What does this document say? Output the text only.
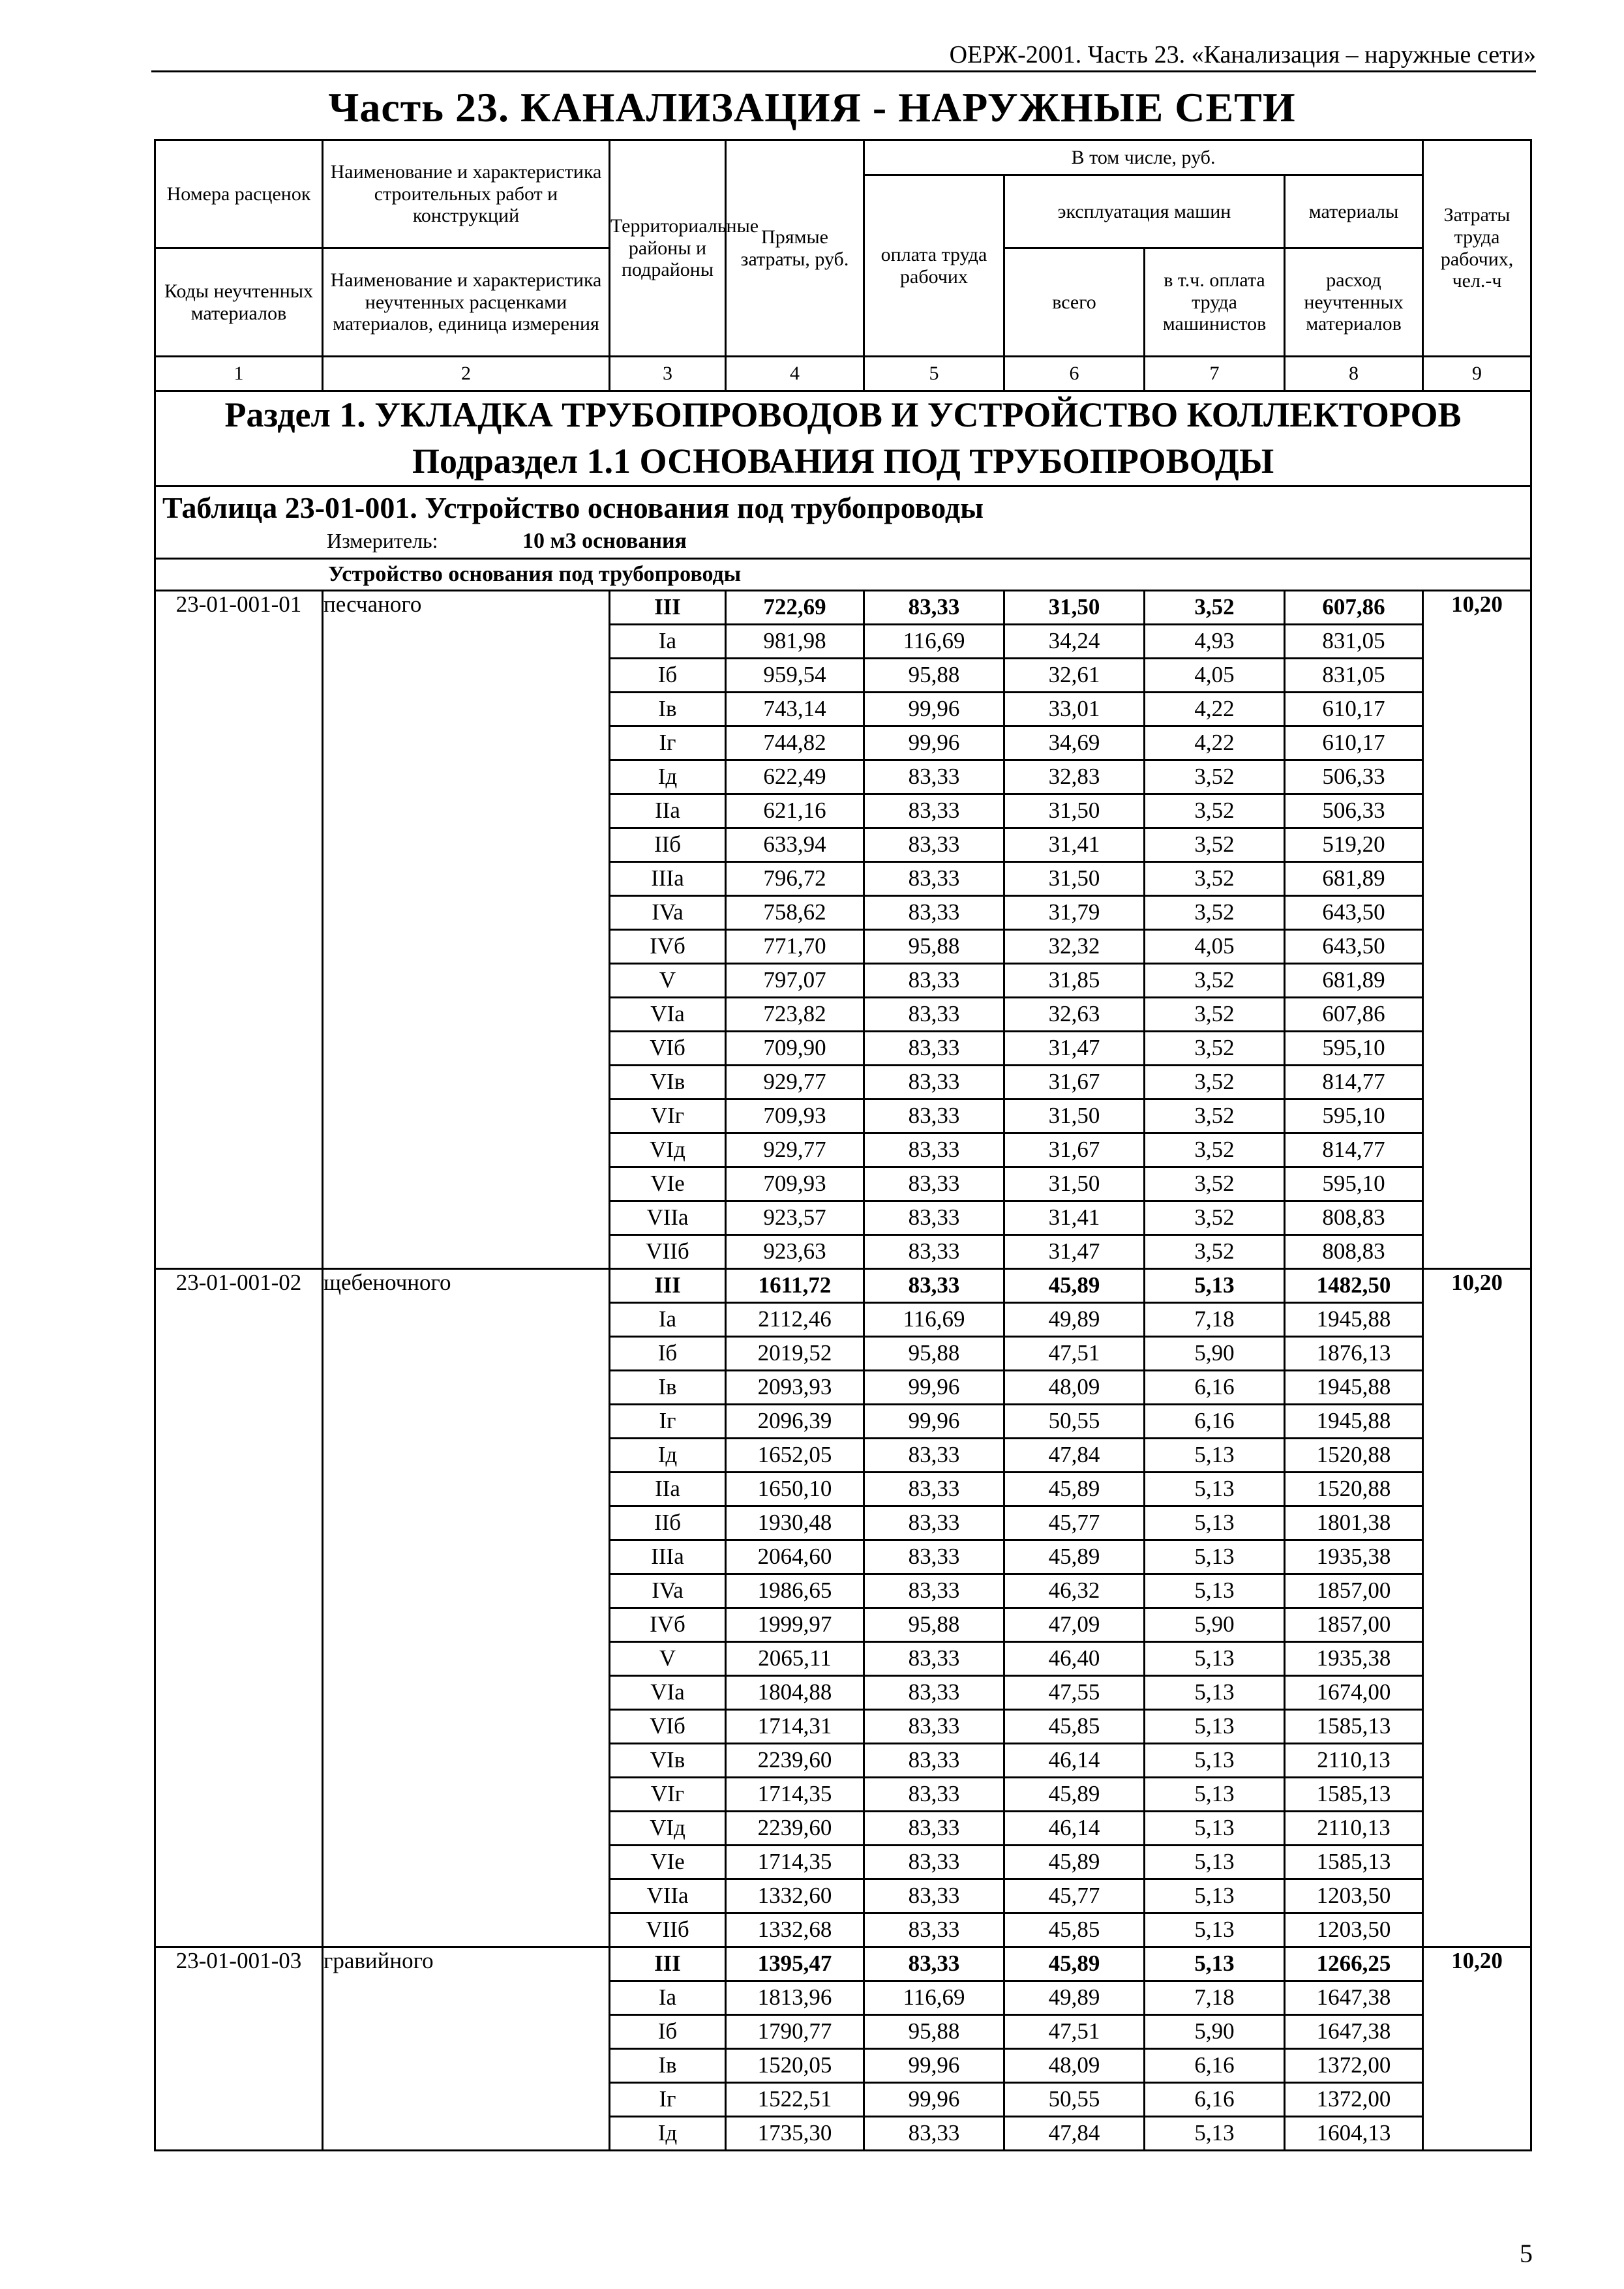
ОЕРЖ-2001. Часть 23. «Канализация – наружные сети»
Часть 23. КАНАЛИЗАЦИЯ - НАРУЖНЫЕ СЕТИ
Номера расценок	Наименование и характеристика строительных работ и конструкций	Территориальные районы и подрайоны	Прямые затраты, руб.	В том числе, руб.				Затраты труда рабочих, чел.-ч
				оплата труда рабочих	эксплуатация машин		материалы	
Коды неучтенных материалов	Наименование и характеристика неучтенных расценками материалов, единица измерения				всего	в т.ч. оплата труда машинистов	расход неучтенных материалов	
1	2	3	4	5	6	7	8	9

Раздел 1. УКЛАДКА ТРУБОПРОВОДОВ И УСТРОЙСТВО КОЛЛЕКТОРОВ
Подраздел 1.1 ОСНОВАНИЯ ПОД ТРУБОПРОВОДЫ								

Таблица 23-01-001. Устройство основания под трубопроводы								
Измеритель: 10 м3 основания								
Устройство основания под трубопроводы								
23-01-001-01	песчаного	III	722,69	83,33	31,50	3,52	607,86	10,20
		Ia	981,98	116,69	34,24	4,93	831,05	
		Iб	959,54	95,88	32,61	4,05	831,05	
		Iв	743,14	99,96	33,01	4,22	610,17	
		Iг	744,82	99,96	34,69	4,22	610,17	
		Iд	622,49	83,33	32,83	3,52	506,33	
		IIа	621,16	83,33	31,50	3,52	506,33	
		IIб	633,94	83,33	31,41	3,52	519,20	
		IIIa	796,72	83,33	31,50	3,52	681,89	
		IVa	758,62	83,33	31,79	3,52	643,50	
		IVб	771,70	95,88	32,32	4,05	643,50	
		V	797,07	83,33	31,85	3,52	681,89	
		VIa	723,82	83,33	32,63	3,52	607,86	
		VIб	709,90	83,33	31,47	3,52	595,10	
		VIв	929,77	83,33	31,67	3,52	814,77	
		VIг	709,93	83,33	31,50	3,52	595,10	
		VIд	929,77	83,33	31,67	3,52	814,77	
		VIe	709,93	83,33	31,50	3,52	595,10	
		VIIa	923,57	83,33	31,41	3,52	808,83	
		VIIб	923,63	83,33	31,47	3,52	808,83	
23-01-001-02	щебеночного	III	1611,72	83,33	45,89	5,13	1482,50	10,20
		Ia	2112,46	116,69	49,89	7,18	1945,88	
		Iб	2019,52	95,88	47,51	5,90	1876,13	
		Iв	2093,93	99,96	48,09	6,16	1945,88	
		Iг	2096,39	99,96	50,55	6,16	1945,88	
		Iд	1652,05	83,33	47,84	5,13	1520,88	
		IIа	1650,10	83,33	45,89	5,13	1520,88	
		IIб	1930,48	83,33	45,77	5,13	1801,38	
		IIIa	2064,60	83,33	45,89	5,13	1935,38	
		IVa	1986,65	83,33	46,32	5,13	1857,00	
		IVб	1999,97	95,88	47,09	5,90	1857,00	
		V	2065,11	83,33	46,40	5,13	1935,38	
		VIa	1804,88	83,33	47,55	5,13	1674,00	
		VIб	1714,31	83,33	45,85	5,13	1585,13	
		VIв	2239,60	83,33	46,14	5,13	2110,13	
		VIг	1714,35	83,33	45,89	5,13	1585,13	
		VIд	2239,60	83,33	46,14	5,13	2110,13	
		VIe	1714,35	83,33	45,89	5,13	1585,13	
		VIIa	1332,60	83,33	45,77	5,13	1203,50	
		VIIб	1332,68	83,33	45,85	5,13	1203,50	
23-01-001-03	гравийного	III	1395,47	83,33	45,89	5,13	1266,25	10,20
		Ia	1813,96	116,69	49,89	7,18	1647,38	
		Iб	1790,77	95,88	47,51	5,90	1647,38	
		Iв	1520,05	99,96	48,09	6,16	1372,00	
		Iг	1522,51	99,96	50,55	6,16	1372,00	
		Iд	1735,30	83,33	47,84	5,13	1604,13	
5
